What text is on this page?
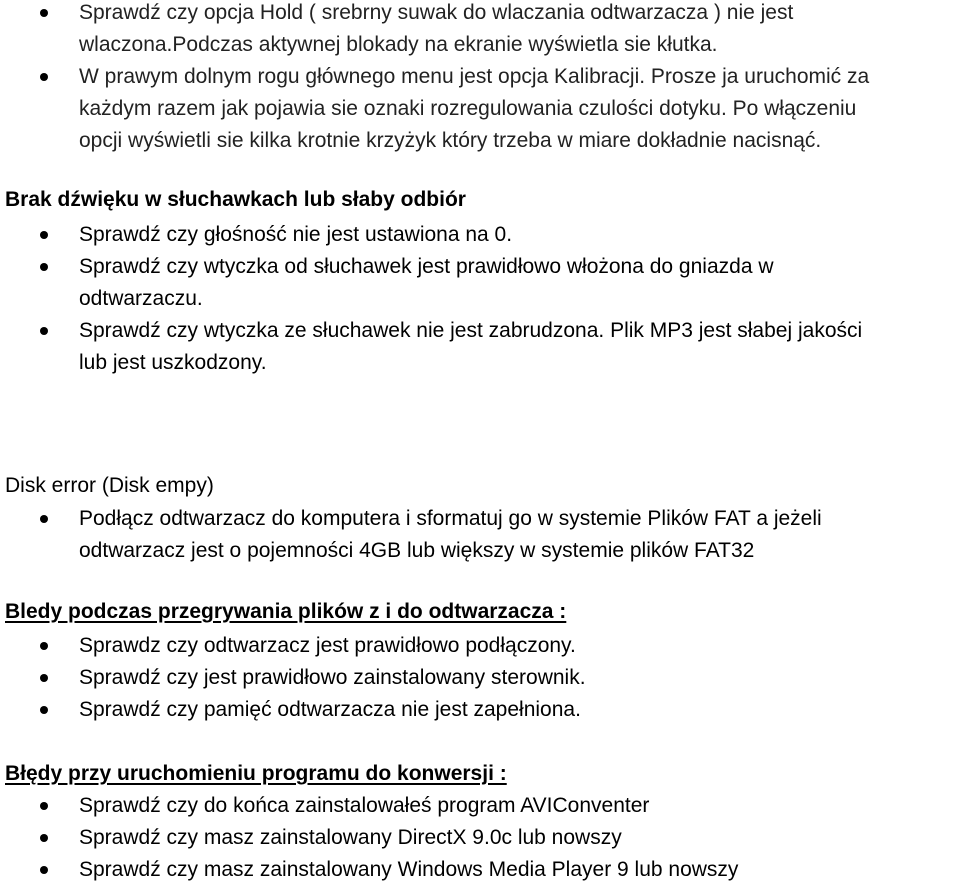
Sprawdź czy opcja Hold ( srebrny suwak do wlaczania odtwarzacza ) nie jest
wlaczona.Podczas aktywnej blokady na ekranie wyświetla sie kłutka.
W prawym dolnym rogu głównego menu jest opcja Kalibracji. Prosze ja uruchomić za
każdym razem jak pojawia sie oznaki rozregulowania czulości dotyku. Po włączeniu
opcji wyświetli sie kilka krotnie krzyżyk który trzeba w miare dokładnie nacisnąć.
Brak dźwięku w słuchawkach lub słaby odbiór
Sprawdź czy głośność nie jest ustawiona na 0.
Sprawdź czy wtyczka od słuchawek jest prawidłowo włożona do gniazda w
odtwarzaczu.
Sprawdź czy wtyczka ze słuchawek nie jest zabrudzona. Plik MP3 jest słabej jakości
lub jest uszkodzony.
Disk error (Disk empy)
Podłącz odtwarzacz do komputera i sformatuj go w systemie Plików FAT a jeżeli
odtwarzacz jest o pojemności 4GB lub większy w systemie plików FAT32
Bledy podczas przegrywania plików z i do odtwarzacza :
Sprawdz czy odtwarzacz jest prawidłowo podłączony.
Sprawdź czy jest prawidłowo zainstalowany sterownik.
Sprawdź czy pamięć odtwarzacza nie jest zapełniona.
Błędy przy uruchomieniu programu do konwersji :
Sprawdź czy do końca zainstalowałeś program AVIConventer
Sprawdź czy masz zainstalowany DirectX 9.0c lub nowszy
Sprawdź czy masz zainstalowany Windows Media Player 9 lub nowszy
